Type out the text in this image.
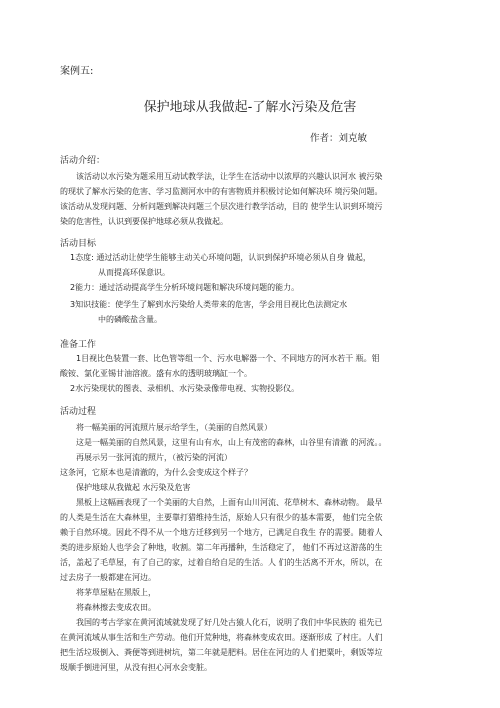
案例五:
保护地球从我做起-了解水污染及危害
作者：刘克敏
活动介绍：

该活动以水污染为题采用互动试教学法，让学生在活动中以浓厚的兴趣认识河水 被污染

的现状了解水污染的危害、学习监测河水中的有害物质并积极讨论如何解决环 境污染问题。

该活动从发现问题、分析问题到解决问题三个层次进行教学活动，目的 使学生认识到环境污

染的危害性，认识到要保护地球必须从我做起。

活动目标

1态度: 通过活动让使学生能够主动关心环境问题，认识到保护环境必须从自身 做起，

从而提高环保意识。

2能力：通过活动提高学生分析环境问题和解决环境问题的能力。

3知识技能：使学生了解到水污染给人类带来的危害，学会用目视比色法测定水

中的磷酸盐含量。

准备工作

1目视比色装置一套、比色管等组一个、污水电解器一个、不同地方的河水若干 瓶。钼

酸铵、氯化亚锡甘油溶液。盛有水的透明玻璃缸一个。

2水污染现状的图表、录相机、水污染录像带电视、实物投影仪。

活动过程

将一幅美丽的河流照片展示给学生，（美丽的自然风景）

这是一幅美丽的自然风景，这里有山有水，山上有茂密的森林，山谷里有清澈 的河流。。

再展示另一张河流的照片，（被污染的河流）

这条河，它原本也是清澈的，为什么会变成这个样子？

保护地球从我做起 水污染及危害

黑板上这幅画表现了一个美丽的大自然，上面有山川河流、花草树木、森林动物。 最早

的人类是生活在大森林里，主要靠打猎维持生活，原始人只有很少的基本需要， 他们完全依

赖于自然环境。因此不得不从一个地方迁移到另一个地方，已满足自我生 存的需要。随着人

类的进步原始人也学会了种地，收割。第二年再播种，生活稳定了， 他们不再过这游荡的生

活，盖起了毛草屋，有了自己的家，过着自给自足的生活。人 们的生活离不开水，所以，在

过去房子一般都建在河边。

将茅草屋粘在黑版上，

将森林擦去变成农田。

我国的考古学家在黄河流域就发现了好几处古猿人化石，说明了我们中华民族的 祖先已

在黄河流域从事生活和生产劳动。他们开荒种地，将森林变成农田。逐渐形成 了村庄。人们

把生活垃圾倒入、粪便等到进树坑，第二年就是肥料。居住在河边的人 们把粟叶，剩饭等垃

圾顺手倒进河里，从没有担心河水会变脏。
